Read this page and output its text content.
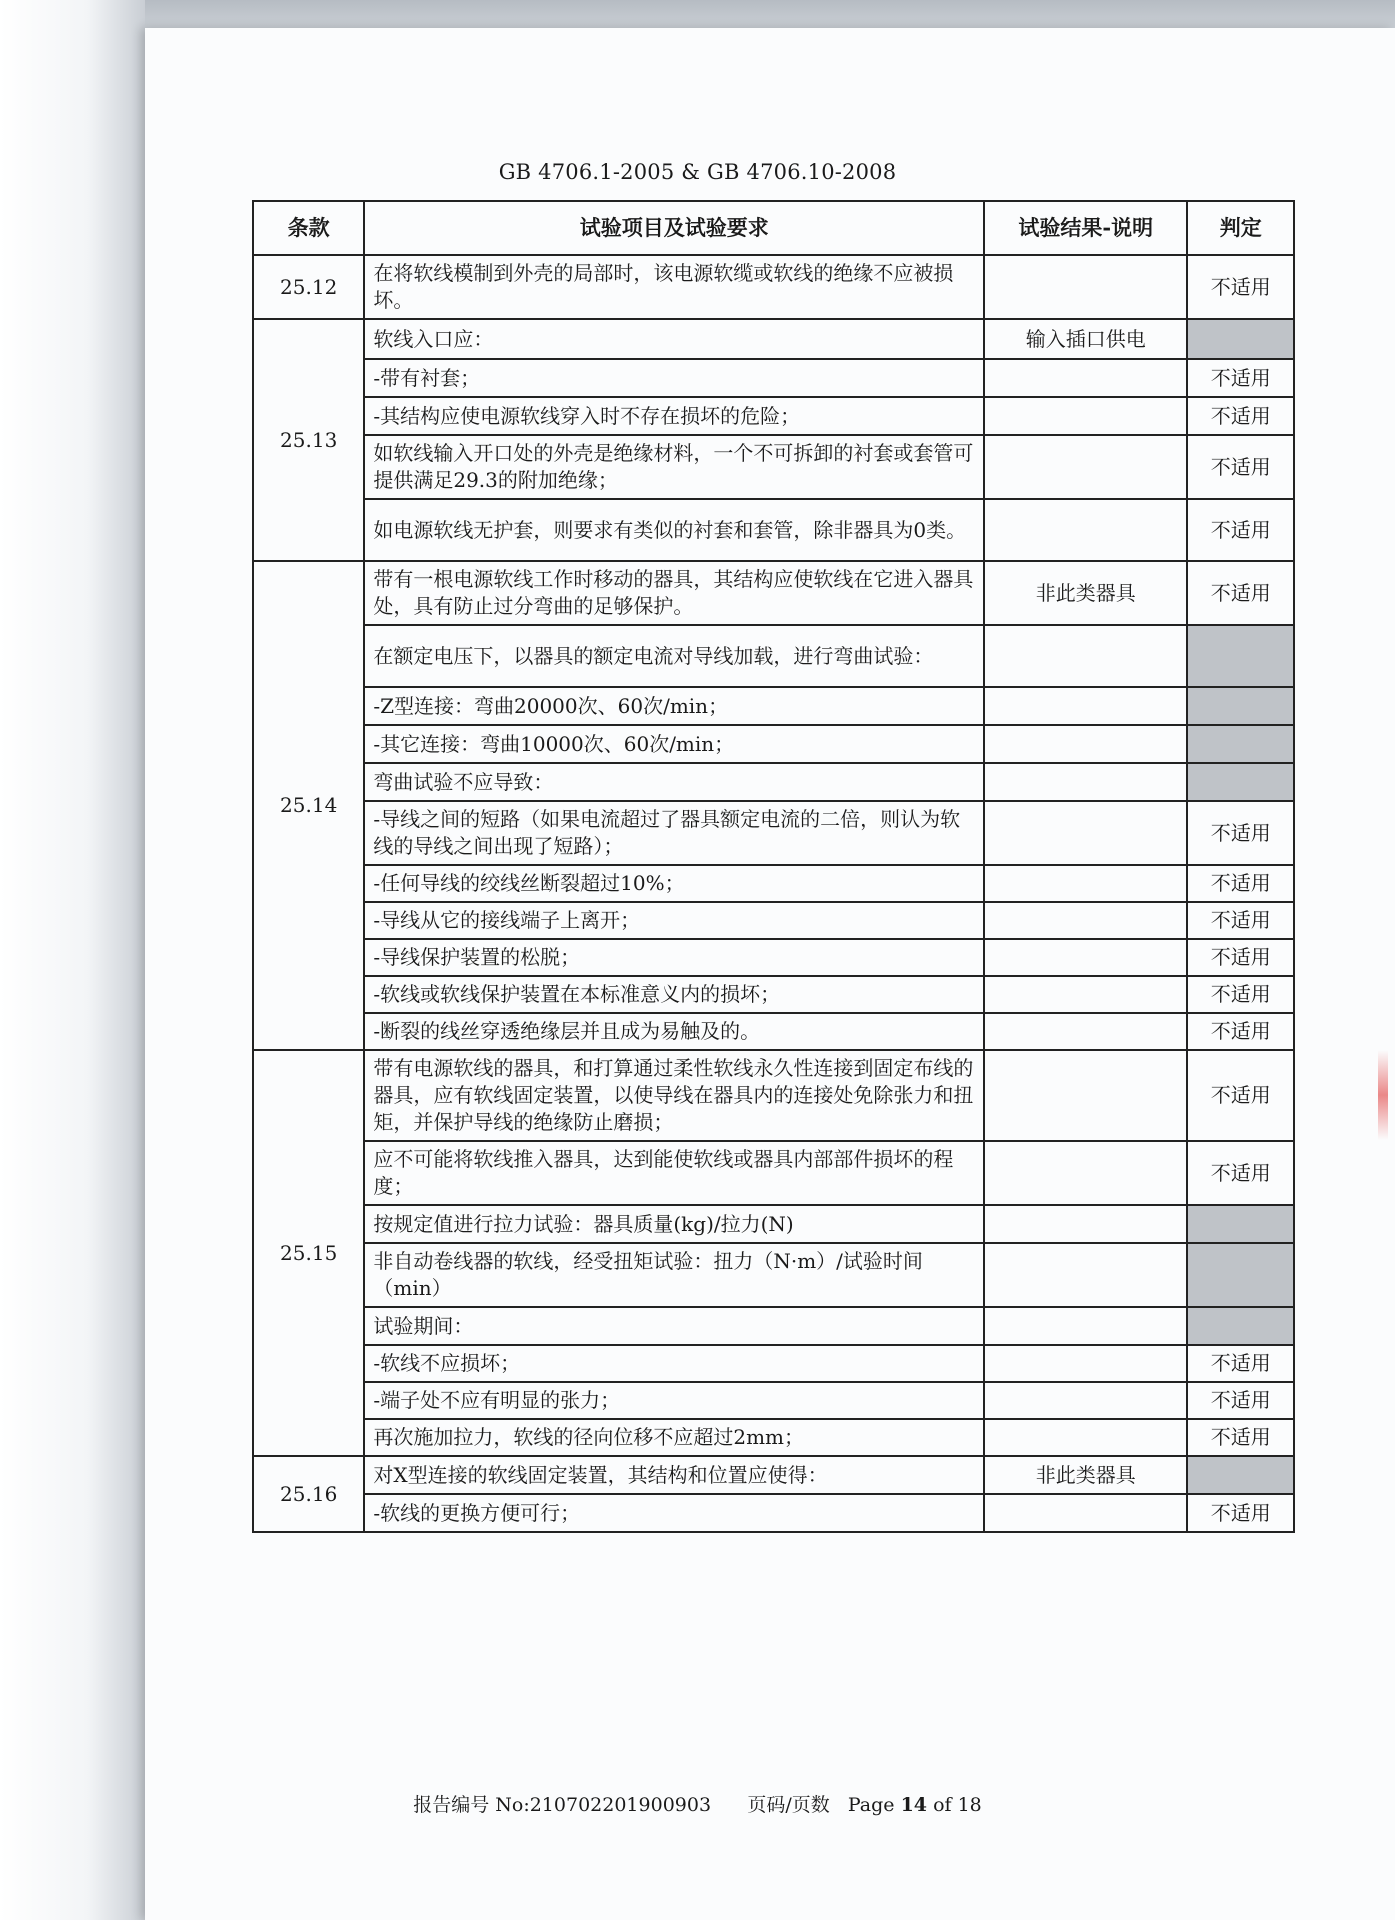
GB 4706.1-2005 & GB 4706.10-2008
条款	试验项目及试验要求	试验结果-说明	判定
25.12	在将软线模制到外壳的局部时，该电源软缆或软线的绝缘不应被损坏。		不适用
25.13	软线入口应：	输入插口供电	
	-带有衬套；		不适用
	-其结构应使电源软线穿入时不存在损坏的危险；		不适用
	如软线输入开口处的外壳是绝缘材料，一个不可拆卸的衬套或套管可提供满足29.3的附加绝缘；		不适用
	如电源软线无护套，则要求有类似的衬套和套管，除非器具为0类。		不适用
25.14	带有一根电源软线工作时移动的器具，其结构应使软线在它进入器具处，具有防止过分弯曲的足够保护。	非此类器具	不适用
	在额定电压下，以器具的额定电流对导线加载，进行弯曲试验：		
	-Z型连接：弯曲20000次、60次/min；		
	-其它连接：弯曲10000次、60次/min；		
	弯曲试验不应导致：		
	-导线之间的短路（如果电流超过了器具额定电流的二倍，则认为软线的导线之间出现了短路）；		不适用
	-任何导线的绞线丝断裂超过10%；		不适用
	-导线从它的接线端子上离开；		不适用
	-导线保护装置的松脱；		不适用
	-软线或软线保护装置在本标准意义内的损坏；		不适用
	-断裂的线丝穿透绝缘层并且成为易触及的。		不适用
25.15	带有电源软线的器具，和打算通过柔性软线永久性连接到固定布线的器具，应有软线固定装置，以使导线在器具内的连接处免除张力和扭矩，并保护导线的绝缘防止磨损；		不适用
	应不可能将软线推入器具，达到能使软线或器具内部部件损坏的程度；		不适用
	按规定值进行拉力试验：器具质量(kg)/拉力(N)		
	非自动卷线器的软线，经受扭矩试验：扭力（N·m）/试验时间（min）		
	试验期间：		
	-软线不应损坏；		不适用
	-端子处不应有明显的张力；		不适用
	再次施加拉力，软线的径向位移不应超过2mm；		不适用
25.16	对X型连接的软线固定装置，其结构和位置应使得：	非此类器具	
	-软线的更换方便可行；		不适用
报告编号 No:210702201900903 页码/页数 Page 14 of 18
